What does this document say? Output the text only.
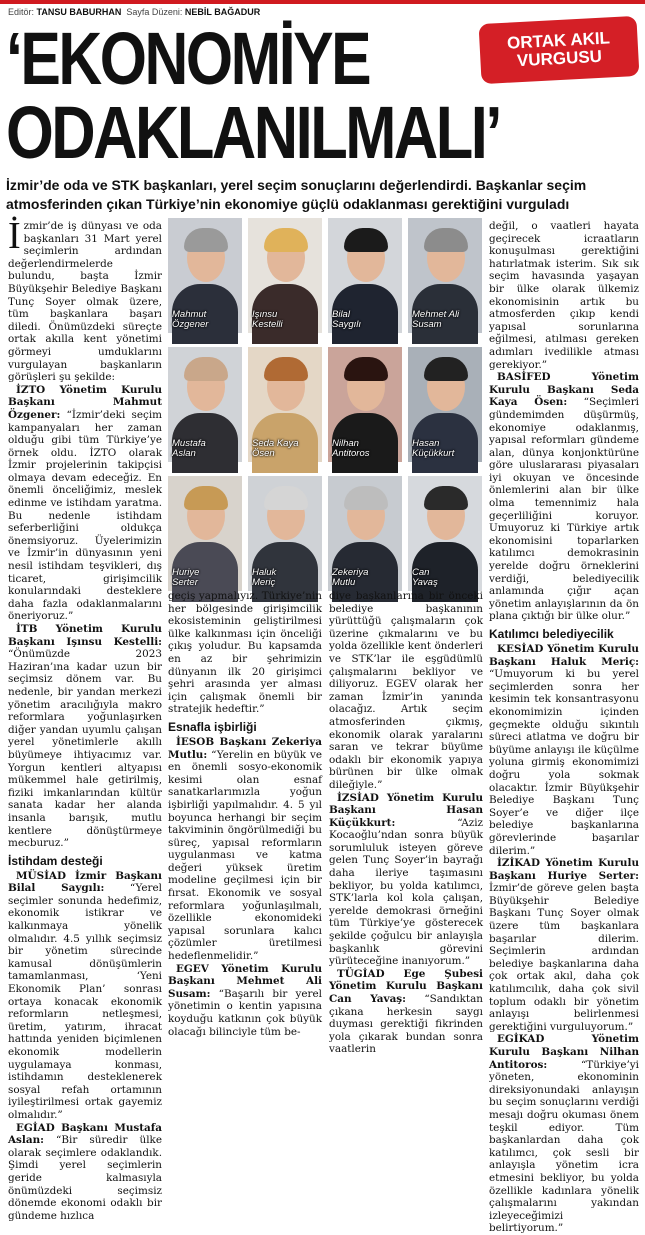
Editör: TANSU BABURHAN Sayfa Düzeni: NEBİL BAĞADUR
‘EKONOMİYE
ODAKLANILMALI’
ORTAK AKIL
VURGUSU
İzmir’de oda ve STK başkanları, yerel seçim sonuçlarını değerlendirdi. Başkanlar seçim atmosferinden çıkan Türkiye’nin ekonomiye güçlü odaklanması gerektiğini vurguladı

İzmir’de iş dünyası ve oda başkanları 31 Mart yerel seçimlerin ardından değerlendirmelerde bulundu, başta İzmir Büyükşehir Belediye Başkanı Tunç Soyer olmak üzere, tüm başkanlara başarı diledi. Önümüzdeki süreçte ortak akılla kent yönetimi görmeyi umduklarını vurgulayan başkanların görüşleri şu şekilde:

İZTO Yönetim Kurulu Başkanı Mahmut Özgener: “İzmir’deki seçim kampanyaları her zaman olduğu gibi tüm Türkiye’ye örnek oldu. İZTO olarak İzmir projelerinin takipçisi olmaya devam edeceğiz. En önemli önceliğimiz, meslek edinme ve istihdam yaratma. Bu nedenle istihdam seferberliğini oldukça önemsiyoruz. Üyelerimizin ve İzmir’in dünyasının yeni nesil istihdam teşvikleri, dış ticaret, girişimcilik konularındaki desteklere daha fazla odaklanmalarını öneriyoruz.”

İTB Yönetim Kurulu Başkanı Işınsu Kestelli: “Önümüzde 2023 Haziran’ına kadar uzun bir seçimsiz dönem var. Bu nedenle, bir yandan merkezi yönetim aracılığıyla makro reformlara yoğunlaşırken diğer yandan uyumlu çalışan yerel yönetimlerle akıllı büyümeye ihtiyacımız var. Yorgun kentleri altyapısı mükemmel hale getirilmiş, fiziki imkanlarından kültür sanata kadar her alanda insanla barışık, mutlu kentlere dönüştürmeye mecburuz.”

İstihdam desteği

MÜSİAD İzmir Başkanı Bilal Saygılı: “Yerel seçimler sonunda hedefimiz, ekonomik istikrar ve kalkınmaya yönelik olmalıdır. 4.5 yıllık seçimsiz bir yönetim sürecinde kamusal dönüşümlerin tamamlanması, ‘Yeni Ekonomik Plan’ sonrası ortaya konacak ekonomik reformların netleşmesi, üretim, yatırım, ihracat hattında yeniden biçimlenen ekonomik modellerin uygulamaya konması, istihdamın desteklenerek sosyal refah ortamının iyileştirilmesi ortak gayemiz olmalıdır.”

EGİAD Başkanı Mustafa Aslan: “Bir süredir ülke olarak seçimlere odaklandık. Şimdi yerel seçimlerin geride kalmasıyla önümüzdeki seçimsiz dönemde ekonomi odaklı bir gündeme hızlıca

Mahmut
Özgener
Işınsu
Kestelli
Bilal
Saygılı
Mehmet Ali
Susam
Mustafa
Aslan
Seda Kaya
Ösen
Nilhan
Antitoros
Hasan
Küçükkurt
Huriye
Serter
Haluk
Meriç
Zekeriya
Mutlu
Can
Yavaş

geçiş yapmalıyız. Türkiye’nin her bölgesinde girişimcilik ekosisteminin geliştirilmesi ülke kalkınması için önceliği çıkış yoludur. Bu kapsamda en az bir şehrimizin dünyanın ilk 20 girişimci şehri arasında yer alması için çalışmak önemli bir stratejik hedeftir.”

Esnafla işbirliği

İESOB Başkanı Zekeriya Mutlu: “Yerelin en büyük ve en önemli sosyo-ekonomik kesimi olan esnaf sanatkarlarımızla yoğun işbirliği yapılmalıdır. 4. 5 yıl boyunca herhangi bir seçim takviminin öngörülmediği bu süreç, yapısal reformların uygulanması ve katma değeri yüksek üretim modeline geçilmesi için bir fırsat. Ekonomik ve sosyal reformlara yoğunlaşılmalı, özellikle ekonomideki yapısal sorunlara kalıcı çözümler üretilmesi hedeflenmelidir.”

EGEV Yönetim Kurulu Başkanı Mehmet Ali Susam: “Başarılı bir yerel yönetimin o kentin yapısına koyduğu katkının çok büyük olacağı bilinciyle tüm be-

diye başkanlarına bir önceki belediye başkanının yürüttüğü çalışmaların çok üzerine çıkmalarını ve bu yolda özellikle kent önderleri ve STK’lar ile eşgüdümlü çalışmalarını bekliyor ve diliyoruz. EGEV olarak her zaman İzmir’in yanında olacağız. Artık seçim atmosferinden çıkmış, ekonomik olarak yaralarını saran ve tekrar büyüme odaklı bir ekonomik yapıya bürünen bir ülke olmak dileğiyle.”

İZSİAD Yönetim Kurulu Başkanı Hasan Küçükkurt: “Aziz Kocaoğlu’ndan sonra büyük sorumluluk isteyen göreve gelen Tunç Soyer’in bayrağı daha ileriye taşımasını bekliyor, bu yolda katılımcı, STK’larla kol kola çalışan, yerelde demokrasi örneğini tüm Türkiye’ye gösterecek şekilde çoğulcu bir anlayışla başkanlık görevini yürüteceğine inanıyorum.”

TÜGİAD Ege Şubesi Yönetim Kurulu Başkanı Can Yavaş: “Sandıktan çıkana herkesin saygı duyması gerektiği fikrinden yola çıkarak bundan sonra vaatlerin

değil, o vaatleri hayata geçirecek icraatların konuşulması gerektiğini hatırlatmak isterim. Sık sık seçim havasında yaşayan bir ülke olarak ülkemiz ekonomisinin artık bu atmosferden çıkıp kendi yapısal sorunlarına eğilmesi, atılması gereken adımları ivedilikle atması gerekiyor.”

BASİFED Yönetim Kurulu Başkanı Seda Kaya Ösen: “Seçimleri gündemimden düşürmüş, ekonomiye odaklanmış, yapısal reformları gündeme alan, dünya konjonktürüne göre uluslararası piyasaları iyi okuyan ve öncesinde önlemlerini alan bir ülke olma temennimiz hala geçerliliğini koruyor. Umuyoruz ki Türkiye artık ekonomisini toparlarken katılımcı demokrasinin yerelde doğru örneklerini verdiği, belediyecilik anlamında çığır açan yönetim anlayışlarının da ön plana çıktığı bir ülke olur.”

Katılımcı belediyecilik

KESİAD Yönetim Kurulu Başkanı Haluk Meriç: “Umuyorum ki bu yerel seçimlerden sonra her kesimin tek konsantrasyonu ekonomimizin içinden geçmekte olduğu sıkıntılı süreci atlatma ve doğru bir büyüme anlayışı ile küçülme yoluna girmiş ekonomimizi doğru yola sokmak olacaktır. İzmir Büyükşehir Belediye Başkanı Tunç Soyer’e ve diğer ilçe belediye başkanlarına görevlerinde başarılar dilerim.”

İZİKAD Yönetim Kurulu Başkanı Huriye Serter: İzmir’de göreve gelen başta Büyükşehir Belediye Başkanı Tunç Soyer olmak üzere tüm başkanlara başarılar dilerim. Seçimlerin ardından belediye başkanlarına daha çok ortak akıl, daha çok katılımcılık, daha çok sivil toplum odaklı bir yönetim anlayışı belirlenmesi gerektiğini vurguluyorum.”

EGİKAD Yönetim Kurulu Başkanı Nilhan Antitoros: “Türkiye’yi yöneten, ekonominin direksiyonundaki anlayışın bu seçim sonuçlarını verdiği mesajı doğru okuması önem teşkil ediyor. Tüm başkanlardan daha çok katılımcı, çok sesli bir anlayışla yönetim icra etmesini bekliyor, bu yolda özellikle kadınlara yönelik çalışmalarını yakından izleyeceğimizi belirtiyorum.”
